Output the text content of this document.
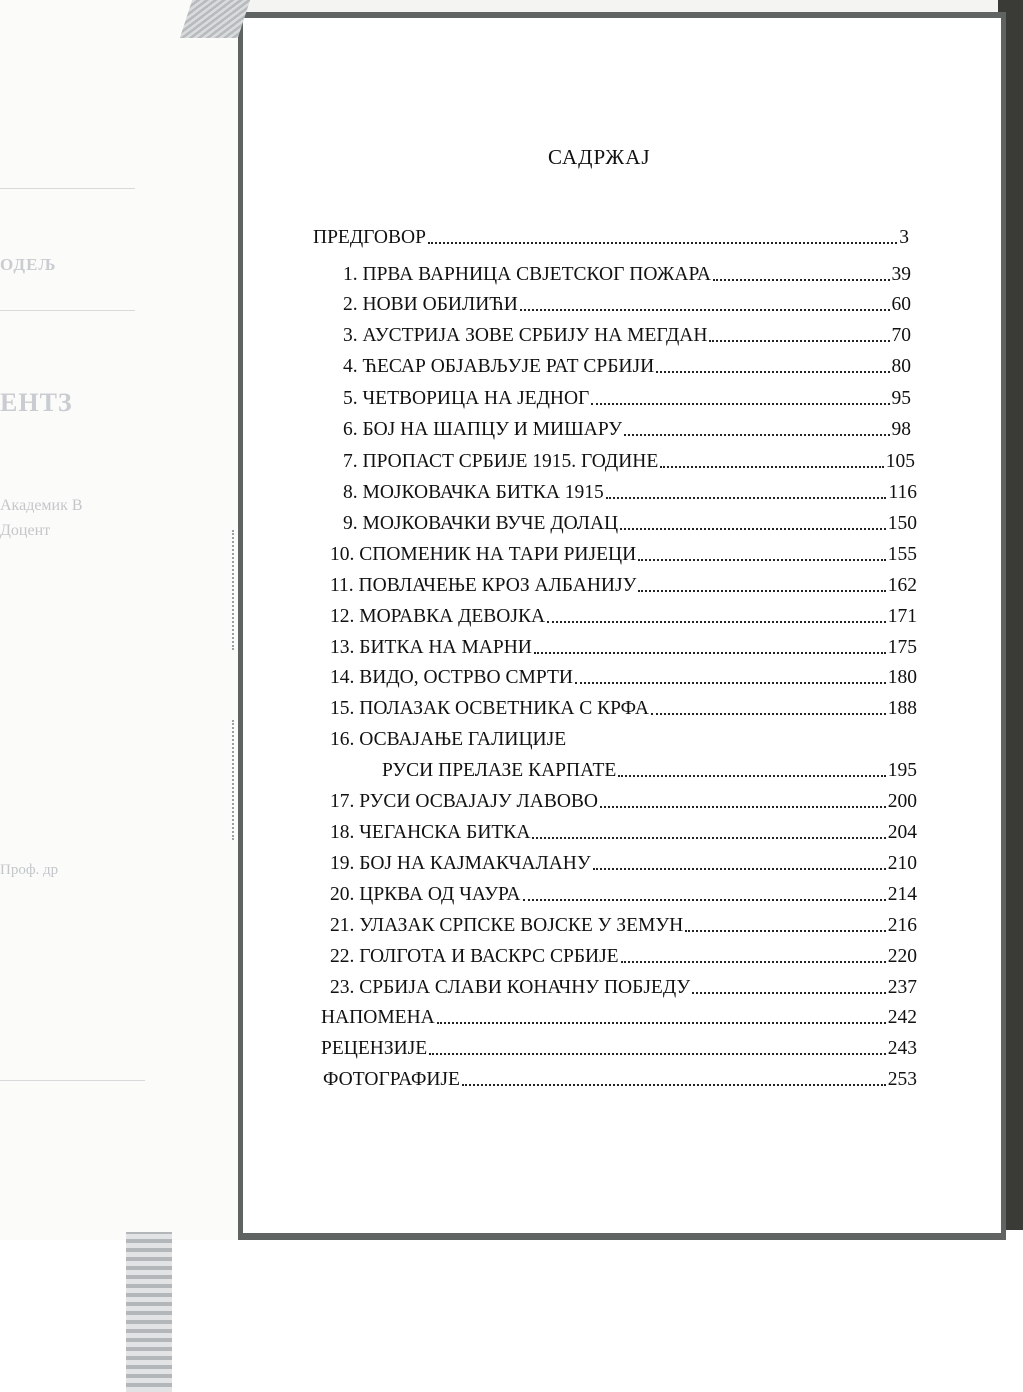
ОДЕЉ
ЕНТЗ
Академик В
Доцент
Проф. др
САДРЖАЈ
ПРЕДГОВОР	3
1. ПРВА ВАРНИЦА СВЈЕТСКОГ ПОЖАРА	39
2. НОВИ ОБИЛИЋИ	60
3. АУСТРИЈА ЗОВЕ СРБИЈУ НА МЕГДАН	70
4. ЋЕСАР ОБЈАВЉУЈЕ РАТ СРБИЈИ	80
5. ЧЕТВОРИЦА НА ЈЕДНОГ	95
6. БОЈ НА ШАПЦУ И МИШАРУ	98
7. ПРОПАСТ СРБИЈЕ 1915. ГОДИНЕ	105
8. МОЈКОВАЧКА БИТКА 1915	116
9. МОЈКОВАЧКИ ВУЧЕ ДОЛАЦ	150
10. СПОМЕНИК НА ТАРИ РИЈЕЦИ	155
11. ПОВЛАЧЕЊЕ КРОЗ АЛБАНИЈУ	162
12. МОРАВКА ДЕВОЈКА	171
13. БИТКА НА МАРНИ	175
14. ВИДО, ОСТРВО СМРТИ	180
15. ПОЛАЗАК ОСВЕТНИКА С КРФА	188
16. ОСВАЈАЊЕ ГАЛИЦИЈЕ
РУСИ ПРЕЛАЗЕ КАРПАТЕ	195
17. РУСИ ОСВАЈАЈУ ЛАВОВО	200
18. ЧЕГАНСКА БИТКА	204
19. БОЈ НА КАЈМАКЧАЛАНУ	210
20. ЦРКВА ОД ЧАУРА	214
21. УЛАЗАК СРПСКЕ ВОЈСКЕ У ЗЕМУН	216
22. ГОЛГОТА И ВАСКРС СРБИЈЕ	220
23. СРБИЈА СЛАВИ КОНАЧНУ ПОБЈЕДУ	237
НАПОМЕНА	242
РЕЦЕНЗИЈЕ	243
ФОТОГРАФИЈЕ	253
